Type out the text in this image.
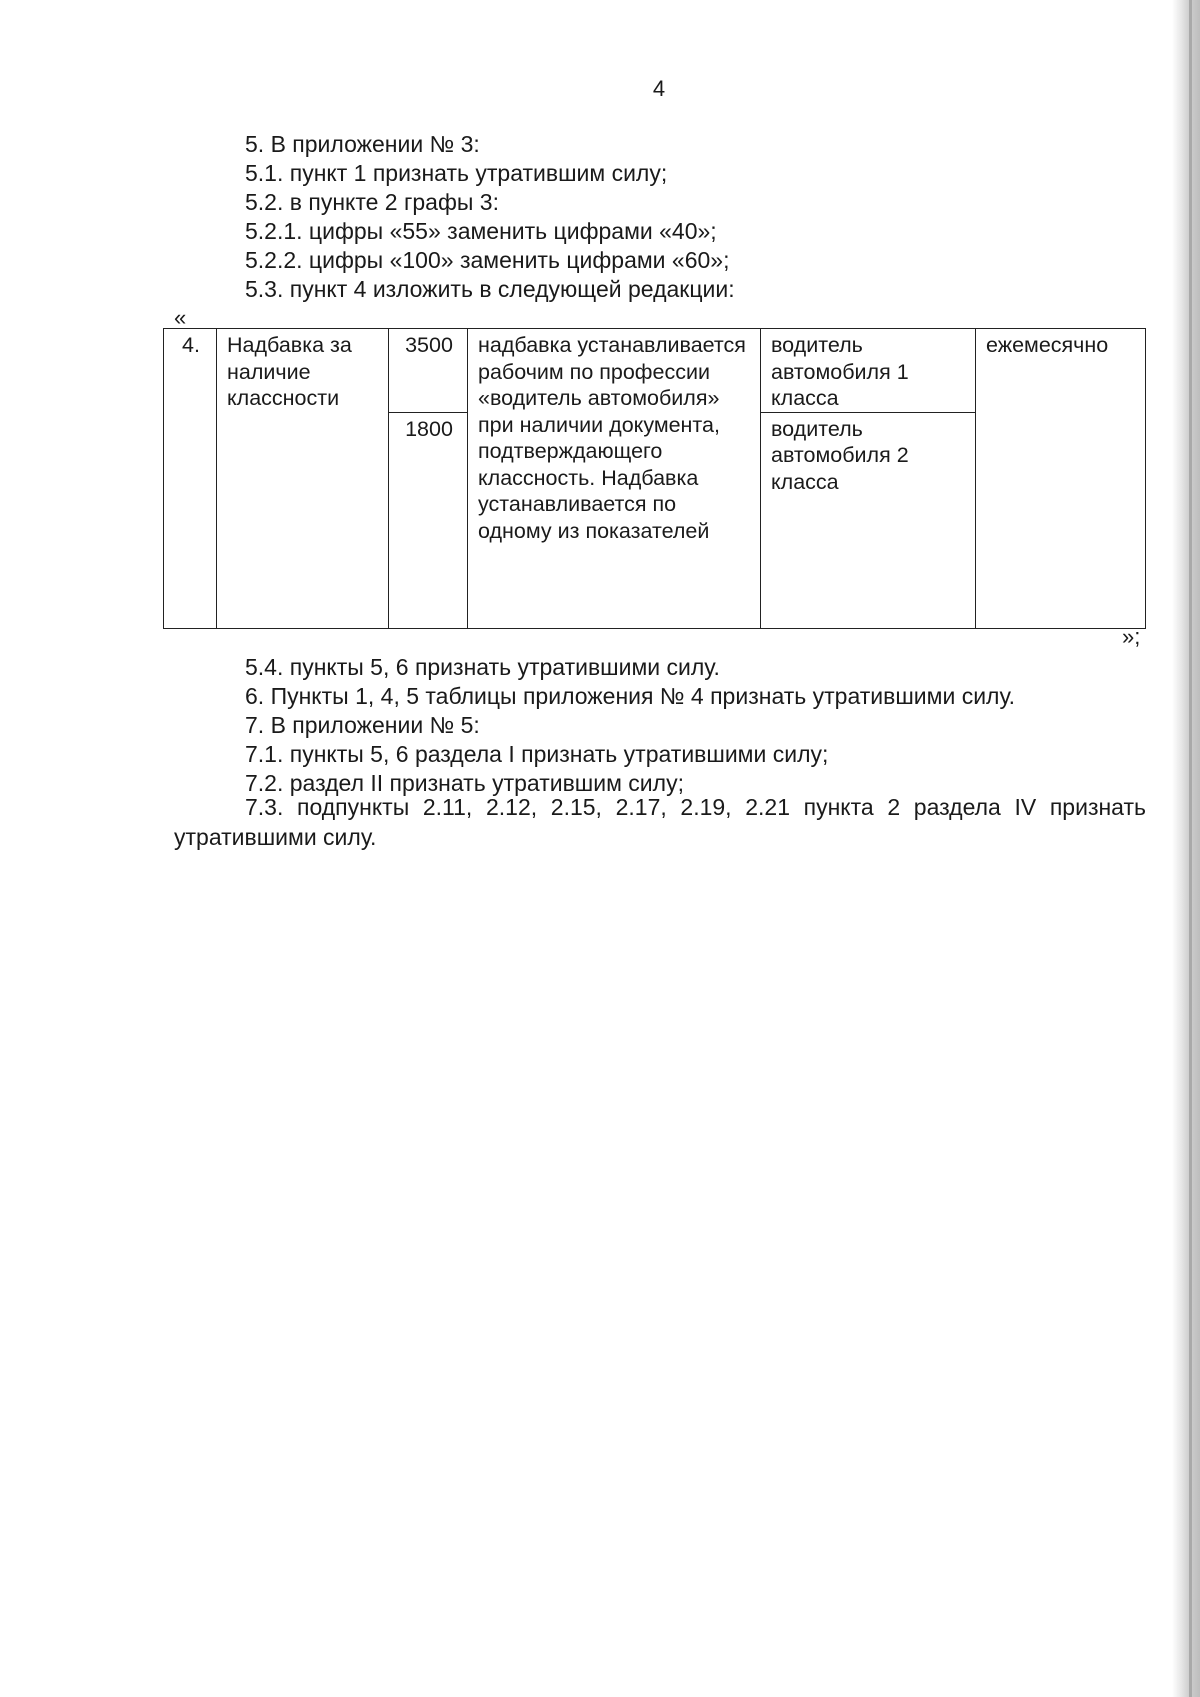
4
5. В приложении № 3:
5.1. пункт 1 признать утратившим силу;
5.2. в пункте 2 графы 3:
5.2.1. цифры «55» заменить цифрами «40»;
5.2.2. цифры «100» заменить цифрами «60»;
5.3. пункт 4 изложить в следующей редакции:
«
4.	Надбавка за наличие классности	3500	надбавка устанавливается рабочим по профессии «водитель автомобиля» при наличии документа, подтверждающего классность. Надбавка устанавливается по одному из показателей	водитель автомобиля 1 класса	ежемесячно
		1800		водитель автомобиля 2 класса	
»;
5.4. пункты 5, 6 признать утратившими силу.
6. Пункты 1, 4, 5 таблицы приложения № 4 признать утратившими силу.
7. В приложении № 5:
7.1. пункты 5, 6 раздела I признать утратившими силу;
7.2. раздел II признать утратившим силу;
7.3. подпункты 2.11, 2.12, 2.15, 2.17, 2.19, 2.21 пункта 2 раздела IV признать утратившими силу.
